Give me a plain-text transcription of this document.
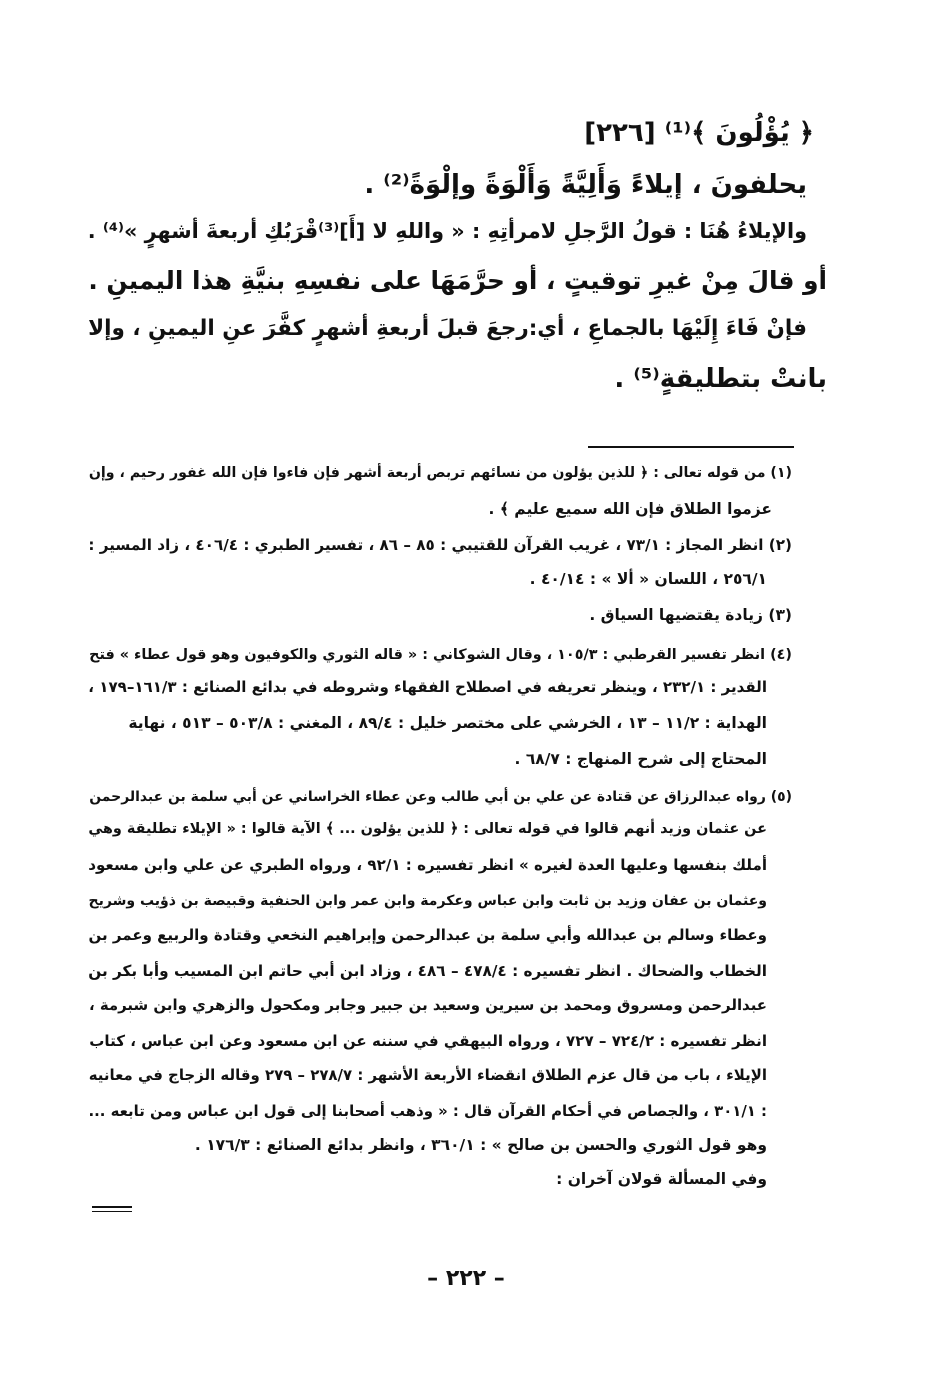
﴿ يُؤْلُونَ ﴾⁽¹⁾ [٢٢٦]
يحلفونَ ، إيلاءً وَأَلِيَّةً وَأَلْوَةً وإلْوَةً⁽²⁾ .
والإيلاءُ هُنَا : قولُ الرَّجلِ لامرأتِهِ : « واللهِ لا [أَ]⁽³⁾قْرَبُكِ أربعةَ أشهرٍ »⁽⁴⁾ .
أو قالَ مِنْ غيرِ توقيتٍ ، أو حرَّمَهَا على نفسِهِ بنيَّةِ هذا اليمينِ .
فإنْ فَاءَ إِلَيْهَا بالجماعِ ، أي:رجعَ قبلَ أربعةِ أشهرٍ كفَّرَ عنِ اليمينِ ، وإلا
بانتْ بتطليقةٍ⁽⁵⁾ .
(١) من قوله تعالى : ﴿ للذين يؤلون من نسائهم تربص أربعة أشهر فإن فاءوا فإن الله غفور رحيم ، وإن
عزموا الطلاق فإن الله سميع عليم ﴾ .
(٢) انظر المجاز : ٧٣/١ ، غريب القرآن للقتيبي : ٨٥ – ٨٦ ، تفسير الطبري : ٤٠٦/٤ ، زاد المسير :
٢٥٦/١ ، اللسان « ألا » : ٤٠/١٤ .
(٣) زيادة يقتضيها السياق .
(٤) انظر تفسير القرطبي : ١٠٥/٣ ، وقال الشوكاني : « قاله الثوري والكوفيون وهو قول عطاء » فتح
القدير : ٢٣٢/١ ، وينظر تعريفه في اصطلاح الفقهاء وشروطه في بدائع الصنائع : ١٦١/٣–١٧٩ ،
الهداية : ١١/٢ – ١٣ ، الخرشي على مختصر خليل : ٨٩/٤ ، المغني : ٥٠٣/٨ – ٥١٣ ، نهاية
المحتاج إلى شرح المنهاج : ٦٨/٧ .
(٥) رواه عبدالرزاق عن قتادة عن علي بن أبي طالب وعن عطاء الخراساني عن أبي سلمة بن عبدالرحمن
عن عثمان وزيد أنهم قالوا في قوله تعالى : ﴿ للذين يؤلون ... ﴾ الآية قالوا : « الإيلاء تطليقة وهي
أملك بنفسها وعليها العدة لغيره » انظر تفسيره : ٩٢/١ ، ورواه الطبري عن علي وابن مسعود
وعثمان بن عفان وزيد بن ثابت وابن عباس وعكرمة وابن عمر وابن الحنفية وقبيصة بن ذؤيب وشريح
وعطاء وسالم بن عبدالله وأبي سلمة بن عبدالرحمن وإبراهيم النخعي وقتادة والربيع وعمر بن
الخطاب والضحاك . انظر تفسيره : ٤٧٨/٤ – ٤٨٦ ، وزاد ابن أبي حاتم ابن المسيب وأبا بكر بن
عبدالرحمن ومسروق ومحمد بن سيرين وسعيد بن جبير وجابر ومكحول والزهري وابن شبرمة ،
انظر تفسيره : ٧٢٤/٢ – ٧٢٧ ، ورواه البيهقي في سننه عن ابن مسعود وعن ابن عباس ، كتاب
الإيلاء ، باب من قال عزم الطلاق انقضاء الأربعة الأشهر : ٢٧٨/٧ – ٢٧٩ وقاله الزجاج في معانيه
: ٣٠١/١ ، والجصاص في أحكام القرآن قال : « وذهب أصحابنا إلى قول ابن عباس ومن تابعه ...
وهو قول الثوري والحسن بن صالح » : ٣٦٠/١ ، وانظر بدائع الصنائع : ١٧٦/٣ .
وفي المسألة قولان آخران :
– ٢٢٢ –
